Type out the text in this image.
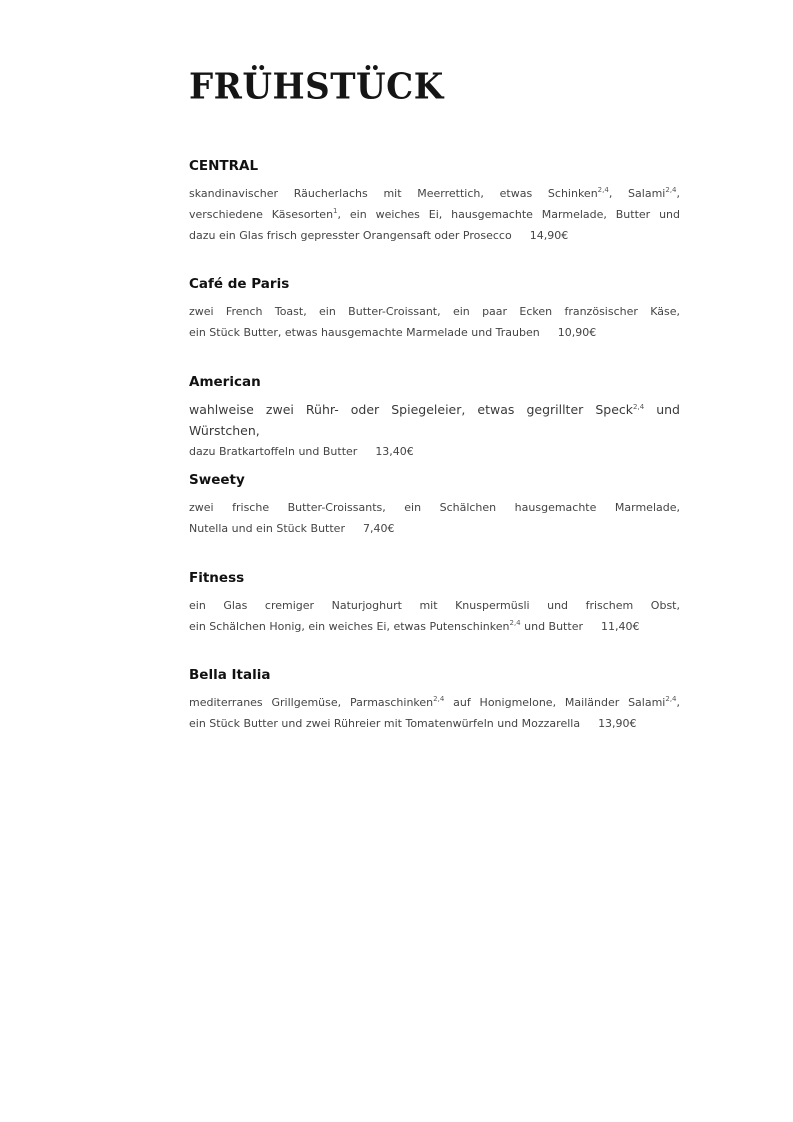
FRÜHSTÜCK
CENTRAL

skandinavischer Räucherlachs mit Meerrettich, etwas Schinken$^{2,4}$, Salami$^{2,4}$,
verschiedene Käsesorten$^1$, ein weiches Ei, hausgemachte Marmelade, Butter und
dazu ein Glas frisch gepresster Orangensaft oder Prosecco 14,90€

Café de Paris

zwei French Toast, ein Butter-Croissant, ein paar Ecken französischer Käse,
ein Stück Butter, etwas hausgemachte Marmelade und Trauben 10,90€

American

wahlweise zwei Rühr- oder Spiegeleier, etwas gegrillter Speck$^{2,4}$ und Würstchen,
dazu Bratkartoffeln und Butter 13,40€

Sweety

zwei frische Butter-Croissants, ein Schälchen hausgemachte Marmelade,
Nutella und ein Stück Butter 7,40€

Fitness

ein Glas cremiger Naturjoghurt mit Knuspermüsli und frischem Obst,
ein Schälchen Honig, ein weiches Ei, etwas Putenschinken$^{2,4}$ und Butter 11,40€

Bella Italia

mediterranes Grillgemüse, Parmaschinken$^{2,4}$ auf Honigmelone, Mailänder Salami$^{2,4}$,
ein Stück Butter und zwei Rühreier mit Tomatenwürfeln und Mozzarella 13,90€
